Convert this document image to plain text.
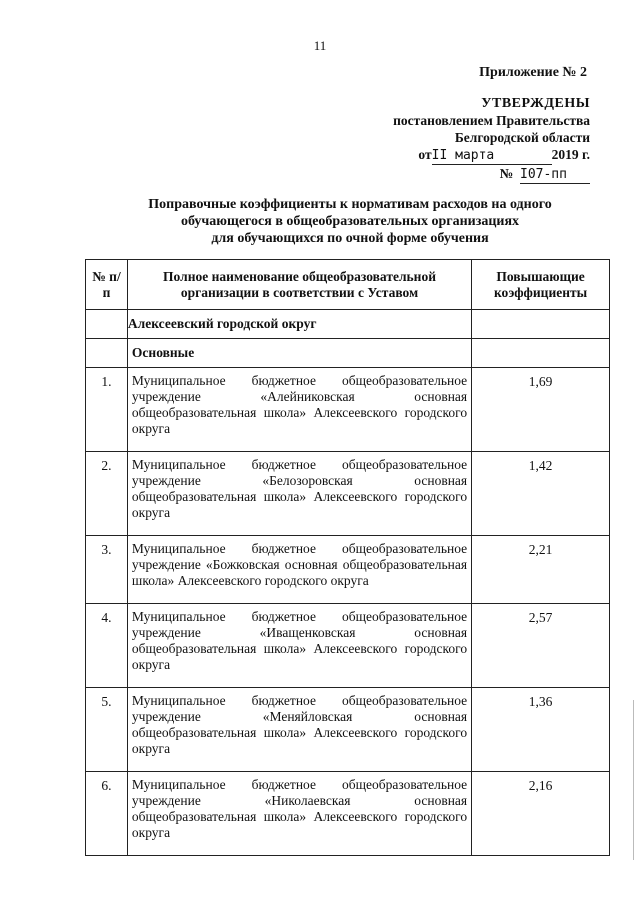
11
Приложение № 2
УТВЕРЖДЕНЫ
постановлением Правительства
Белгородской области
отII марта	2019 г.
№ I07-пп
Поправочные коэффициенты к нормативам расходов на одного
обучающегося в общеобразовательных организациях
для обучающихся по очной форме обучения
№ п/п	Полное наименование общеобразовательной организации в соответствии с Уставом	Повышающие коэффициенты
	Алексеевский городской округ	
	Основные	
1.	Муниципальное бюджетное общеобразовательное учреждение «Алейниковская основная общеобразовательная школа» Алексеевского городского округа	1,69
2.	Муниципальное бюджетное общеобразовательное учреждение «Белозоровская основная общеобразовательная школа» Алексеевского городского округа	1,42
3.	Муниципальное бюджетное общеобразовательное учреждение «Божковская основная общеобразовательная школа» Алексеевского городского округа	2,21
4.	Муниципальное бюджетное общеобразовательное учреждение «Иващенковская основная общеобразовательная школа» Алексеевского городского округа	2,57
5.	Муниципальное бюджетное общеобразовательное учреждение «Меняйловская основная общеобразовательная школа» Алексеевского городского округа	1,36
6.	Муниципальное бюджетное общеобразовательное учреждение «Николаевская основная общеобразовательная школа» Алексеевского городского округа	2,16
